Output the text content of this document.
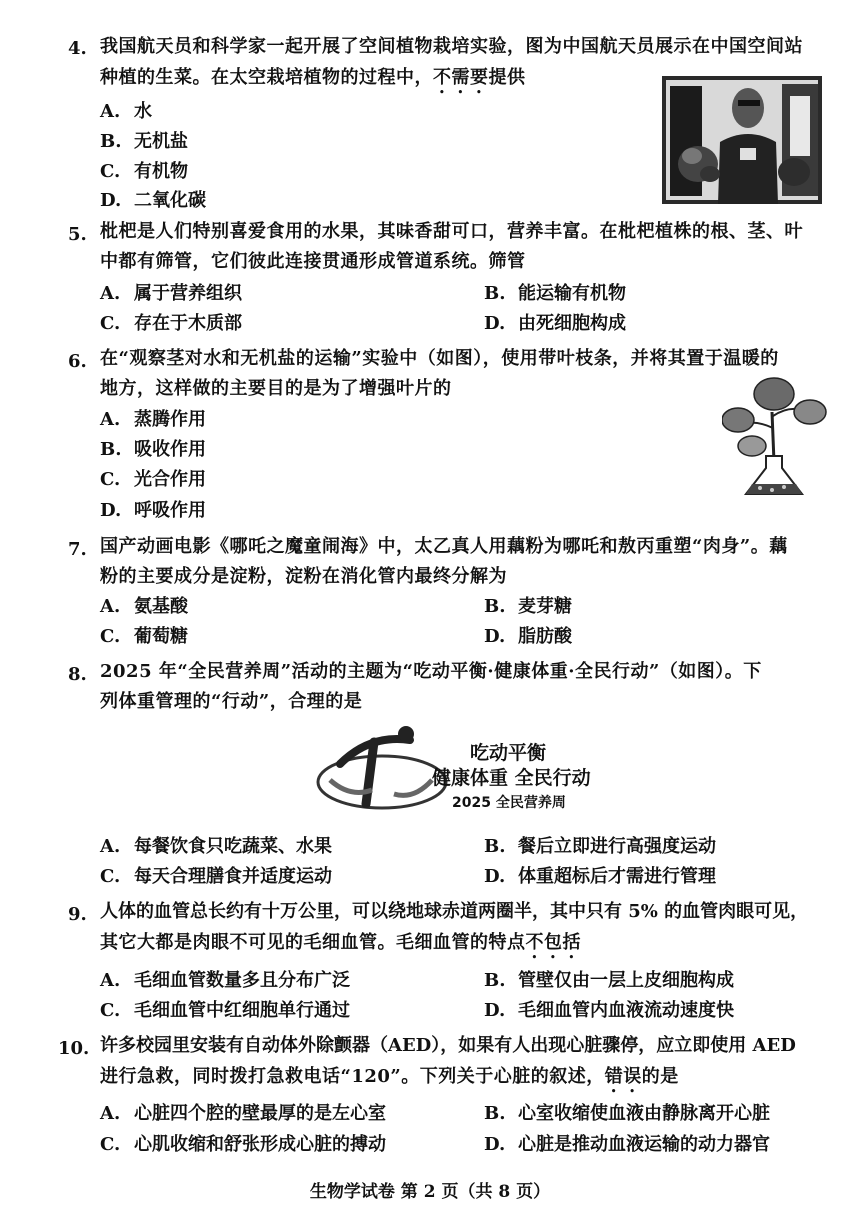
4. 我国航天员和科学家一起开展了空间植物栽培实验，图为中国航天员展示在中国空间站
种植的生菜。在太空栽培植物的过程中，不需要提供
A. 水
B. 无机盐
C. 有机物
D. 二氧化碳
5. 枇杷是人们特别喜爱食用的水果，其味香甜可口，营养丰富。在枇杷植株的根、茎、叶
中都有筛管，它们彼此连接贯通形成管道系统。筛管
A. 属于营养组织	B. 能运输有机物
C. 存在于木质部	D. 由死细胞构成
6. 在“观察茎对水和无机盐的运输”实验中（如图），使用带叶枝条，并将其置于温暖的
地方，这样做的主要目的是为了增强叶片的
A. 蒸腾作用
B. 吸收作用
C. 光合作用
D. 呼吸作用
7. 国产动画电影《哪吒之魔童闹海》中，太乙真人用藕粉为哪吒和敖丙重塑“肉身”。藕
粉的主要成分是淀粉，淀粉在消化管内最终分解为
A. 氨基酸	B. 麦芽糖
C. 葡萄糖	D. 脂肪酸
8. 2025 年“全民营养周”活动的主题为“吃动平衡·健康体重·全民行动”（如图）。下
列体重管理的“行动”，合理的是
吃动平衡
健康体重 全民行动
2025 全民营养周
A. 每餐饮食只吃蔬菜、水果	B. 餐后立即进行高强度运动
C. 每天合理膳食并适度运动	D. 体重超标后才需进行管理
9. 人体的血管总长约有十万公里，可以绕地球赤道两圈半，其中只有 5% 的血管肉眼可见，
其它大都是肉眼不可见的毛细血管。毛细血管的特点不包括
A. 毛细血管数量多且分布广泛	B. 管壁仅由一层上皮细胞构成
C. 毛细血管中红细胞单行通过	D. 毛细血管内血液流动速度快
10. 许多校园里安装有自动体外除颤器（AED），如果有人出现心脏骤停，应立即使用 AED
进行急救，同时拨打急救电话“120”。下列关于心脏的叙述，错误的是
A. 心脏四个腔的壁最厚的是左心室	B. 心室收缩使血液由静脉离开心脏
C. 心肌收缩和舒张形成心脏的搏动	D. 心脏是推动血液运输的动力器官
生物学试卷 第 2 页（共 8 页）
